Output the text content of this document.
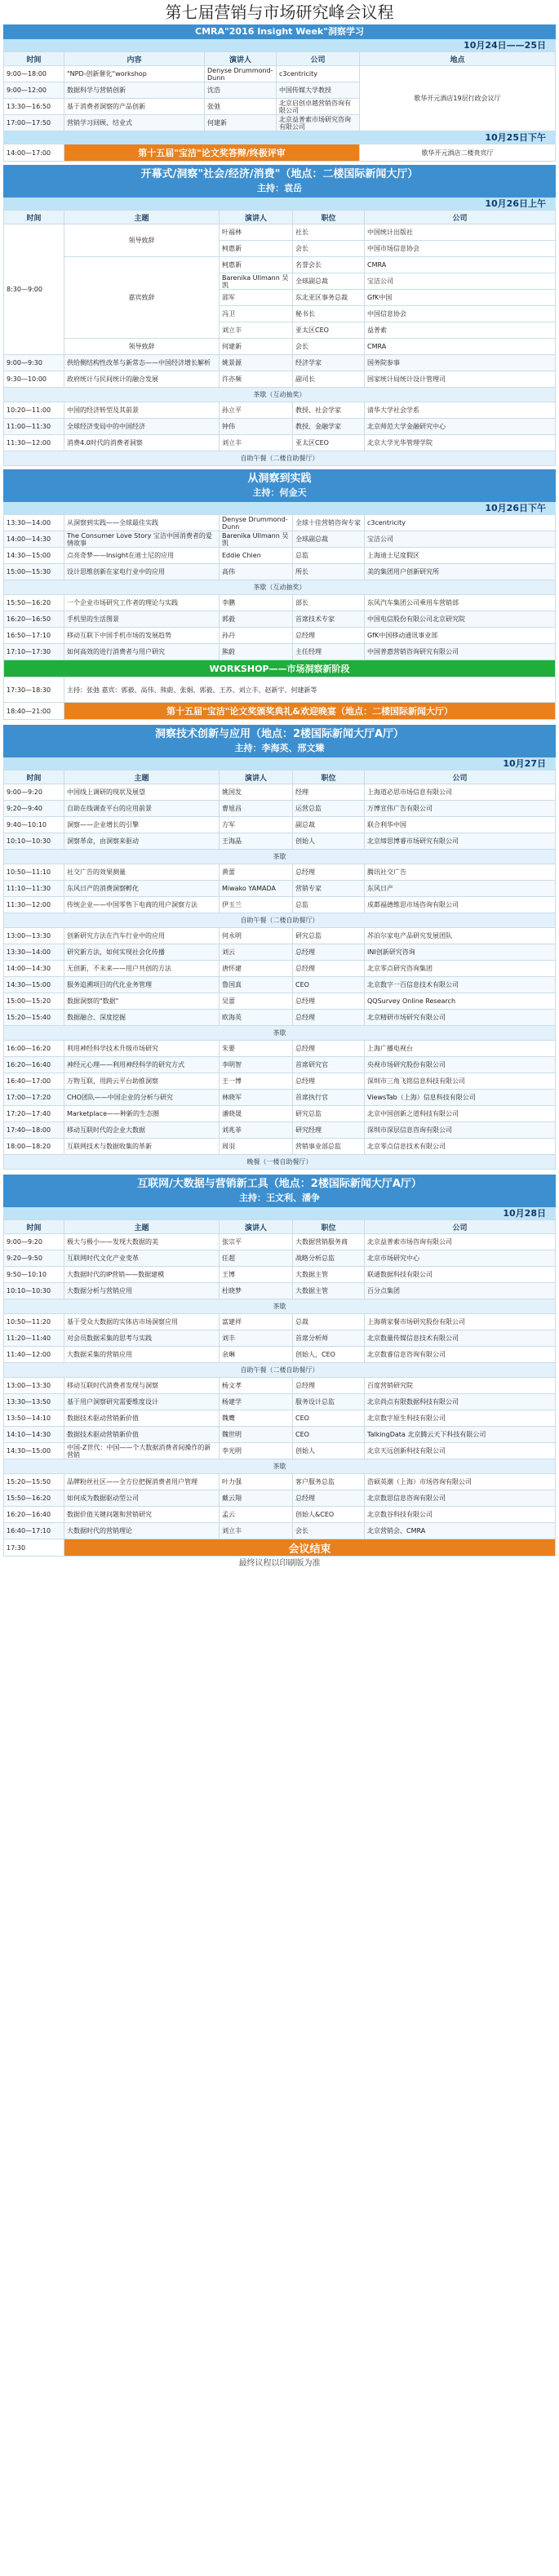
第七届营销与市场研究峰会议程
CMRA"2016 Insight Week"洞察学习
10月24日——25日
时间	内容	演讲人	公司	地点
9:00—18:00	"NPD-创新催化"workshop	Denyse Drummond-Dunn	c3centricity	歌华开元酒店19层行政会议厅
9:00—12:00	数据科学与营销创新	沈浩	中国传媒大学教授	
13:30—16:50	基于消费者洞察的产品创新	张弛	北京启创卓越营销咨询有限公司	
17:00—17:50	营销学习回顾、结业式	何建新	北京益普索市场研究咨询有限公司	
10月25日下午
14:00—17:00	第十五届"宝洁"论文奖答辩/终极评审	歌华开元酒店二楼贵宾厅
开幕式/洞察"社会/经济/消费"（地点：二楼国际新闻大厅）
主持：袁岳
10月26日上午
时间	主题	演讲人	职位	公司
8:30—9:00	领导致辞	叶福林	社长	中国统计出版社
		柯惠新	会长	中国市场信息协会
	嘉宾致辞	柯惠新	名誉会长	CMRA
		Barenika Ullmann 吴凯	全球副总裁	宝洁公司
		邵军	东北亚区事务总裁	GfK中国
		冯卫	秘书长	中国信息协会
		刘立丰	亚太区CEO	益普索
	领导致辞	何建新	会长	CMRA
9:00—9:30	供给侧结构性改革与新常态——中国经济增长解析	姚景源	经济学家	国务院参事
9:30—10:00	政府统计与民间统计的融合发展	许亦频	副司长	国家统计局统计设计管理司
茶歇（互动抽奖）				
10:20—11:00	中国的经济转型及其前景	孙立平	教授、社会学家	清华大学社会学系
11:00—11:30	全球经济变局中的中国经济	钟伟	教授、金融学家	北京师范大学金融研究中心
11:30—12:00	消费4.0时代的消费者洞察	刘立丰	亚太区CEO	北京大学光华管理学院
自助午餐（二楼自助餐厅）				
从洞察到实践
主持：何金天
10月26日下午
13:30—14:00	从洞察到实践——全球最佳实践	Denyse Drummond-Dunn	全球十佳营销咨询专家	c3centricity
14:00—14:30	The Consumer Love Story 宝洁中国消费者的爱情故事	Barenika Ullmann 吴凯	全球副总裁	宝洁公司
14:30—15:00	点亮奇梦——Insight在迪士尼的应用	Eddie Chien	总监	上海迪士尼度假区
15:00—15:30	设计思维创新在家电行业中的应用	高伟	所长	美的集团用户创新研究所
茶歇（互动抽奖）				
15:50—16:20	一个企业市场研究工作者的理论与实践	李鹏	部长	东风汽车集团公司乘用车营销部
16:20—16:50	手机里的生活图景	郭毅	首席技术专家	中国电信股份有限公司北京研究院
16:50—17:10	移动互联下中国手机市场的发展趋势	孙丹	总经理	GfK中国移动通讯事业部
17:10—17:30	如何高效的进行消费者与用户研究	熊蔚	主任经理	中国普惠营销咨询研究有限公司
WORKSHOP——市场洞察新阶段				
17:30—18:30	主持：张弛 嘉宾：郭毅、高伟、熊蔚、张娟、郭毅、王苏、刘立丰、赵新宇、何建新等			
18:40—21:00	第十五届"宝洁"论文奖颁奖典礼&欢迎晚宴（地点：二楼国际新闻大厅）			
洞察技术创新与应用（地点：2楼国际新闻大厅A厅）
主持：李海英、邢文臻
10月27日
时间	主题	演讲人	职位	公司
9:00—9:20	中国线上调研的现状及展望	姚国发	经理	上海道必思市场信息有限公司
9:20—9:40	自助在线调查平台的应用前景	曹旭昌	运营总监	万博宣伟广告有限公司
9:40—10:10	洞察——企业增长的引擎	方军	副总裁	联合利华中国
10:10—10:30	洞察革命，由洞察来驱动	王海晶	创始人	北京缔思博睿市场研究有限公司
茶歇				
10:50—11:10	社交广告的效果测量	黄蕾	总经理	腾讯社交广告
11:10—11:30	东风日产的消费洞察孵化	Miwako YAMADA	营销专家	东风日产
11:30—12:00	传统企业——中国零售下电商的用户洞察方法	伊玉兰	总监	成都福德维思市场咨询有限公司
自助午餐（二楼自助餐厅）				
13:00—13:30	创新研究方法在汽车行业中的应用	何永明	研究总监	苏泊尔家电产品研究发展团队
13:30—14:00	研究新方法，如何实现社会化传播	刘云	总经理	INI创新研究咨询
14:00—14:30	无创新，不未来——用户共创的方法	唐怀建	总经理	北京零点研究咨询集团
14:30—15:00	服务追溯项目的代化业务管理	鲁国真	CEO	北京数字一百信息技术有限公司
15:00—15:20	数据洞察的"数据"	吴蕾	总经理	QQSurvey Online Research
15:20—15:40	数据融合、深度挖掘	欧海英	总经理	北京精研市场研究有限公司
茶歇				
16:00—16:20	利用神经科学技术升级市场研究	朱要	总经理	上海广播电视台
16:20—16:40	神经元心理——利用神经科学的研究方式	李明智	首席研究官	央视市场研究股份有限公司
16:40—17:00	万物互联，用跨云平台助推洞察	王一博	总经理	深圳市三角飞铭信息科技有限公司
17:00—17:20	CHO团队——中国企业的分析与研究	林晓军	首席执行官	ViewsTab（上海）信息科技有限公司
17:20—17:40	Marketplace——种新的生态圈	潘晓晟	研究总监	北京中国创新之道科技有限公司
17:40—18:00	移动互联时代的企业大数据	刘兆菲	研究经理	深圳市深层信息咨询有限公司
18:00—18:20	互联网技术与数据收集的革新	周羽	营销事业部总监	北京零点信息技术有限公司
晚餐（一楼自助餐厅）				
互联网/大数据与营销新工具（地点：2楼国际新闻大厅A厅）
主持：王文利、潘争
10月28日
时间	主题	演讲人	职位	公司
9:00—9:20	极大与极小——发现大数据的美	张宗平	大数据营销服务商	北京益普索市场咨询有限公司
9:20—9:50	互联网时代文化产业变革	任超	战略分析总监	北京市场研究中心
9:50—10:10	大数据时代的IP营销——数据建模	王博	大数据主管	联通数据科技有限公司
10:10—10:30	大数据分析与营销应用	杜晓梦	大数据主管	百分点集团
茶歇				
10:50—11:20	基于受众大数据的实体店市场洞察应用	富建祥	总裁	上海萌家餐市场研究股份有限公司
11:20—11:40	对会员数据采集的思考与实践	刘丰	首席分析师	北京数量传媒信息技术有限公司
11:40—12:00	大数据采集的营销应用	余琳	创始人，CEO	北京数睿信息咨询有限公司
自助午餐（二楼自助餐厅）				
13:00—13:30	移动互联时代消费者发现与洞察	杨文孝	总经理	百度营销研究院
13:30—13:50	基于用户洞察研究需要维度设计	杨建学	服务设计总监	北京尚点有限数据科技有限公司
13:50—14:10	数据技术驱动营销新价值	魏鹰	CEO	北京数字原生科技有限公司
14:10—14:30	数据技术驱动营销新价值	魏世明	CEO	TalkingData 北京腾云天下科技有限公司
14:30—15:00	中国-Z世代：中国——个大数据消费者间操作的新营销	李光明	创始人	北京天远创新科技有限公司
茶歇				
15:20—15:50	品牌粉丝社区——全方位把握消费者用户管理	叶力强	客户服务总监	浩硕英潮（上海）市场咨询有限公司
15:50—16:20	如何成为数据驱动型公司	戴云翔	总经理	北京数思信息咨询有限公司
16:20—16:40	数据价值关键问题和营销研究	孟云	创始人&CEO	北京数谷科技有限公司
16:40—17:10	大数据时代的营销理论	刘立丰	会长	北京营销会、CMRA
17:30	会议结束			
最终议程以印刷版为准
